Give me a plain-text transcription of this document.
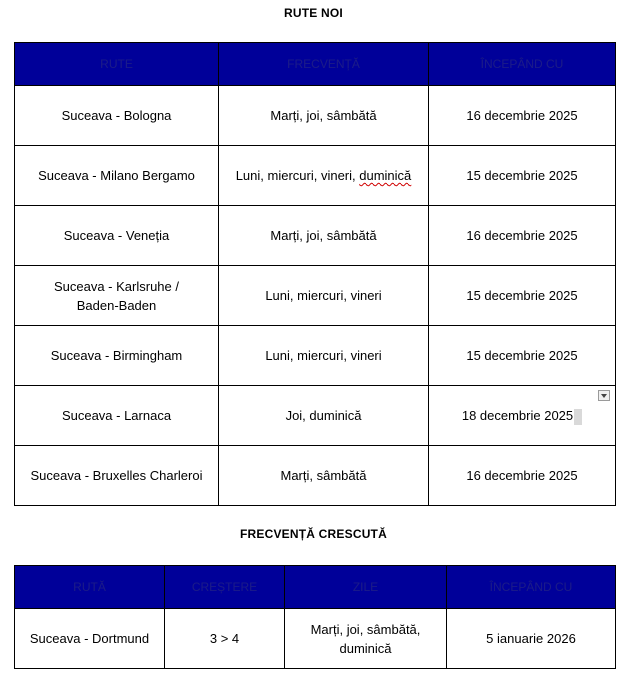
RUTE NOI
RUTE	FRECVENȚĂ	ÎNCEPÂND CU
Suceava - Bologna	Marți, joi, sâmbătă	16 decembrie 2025
Suceava - Milano Bergamo	Luni, miercuri, vineri, duminică	15 decembrie 2025
Suceava - Veneția	Marți, joi, sâmbătă	16 decembrie 2025
Suceava - Karlsruhe /
Baden-Baden	Luni, miercuri, vineri	15 decembrie 2025
Suceava - Birmingham	Luni, miercuri, vineri	15 decembrie 2025
Suceava - Larnaca	Joi, duminică	18 decembrie 2025
Suceava - Bruxelles Charleroi	Marți, sâmbătă	16 decembrie 2025
FRECVENȚĂ CRESCUTĂ
RUTĂ	CREȘTERE	ZILE	ÎNCEPÂND CU
Suceava - Dortmund	3 > 4	Marți, joi, sâmbătă,
duminică	5 ianuarie 2026
